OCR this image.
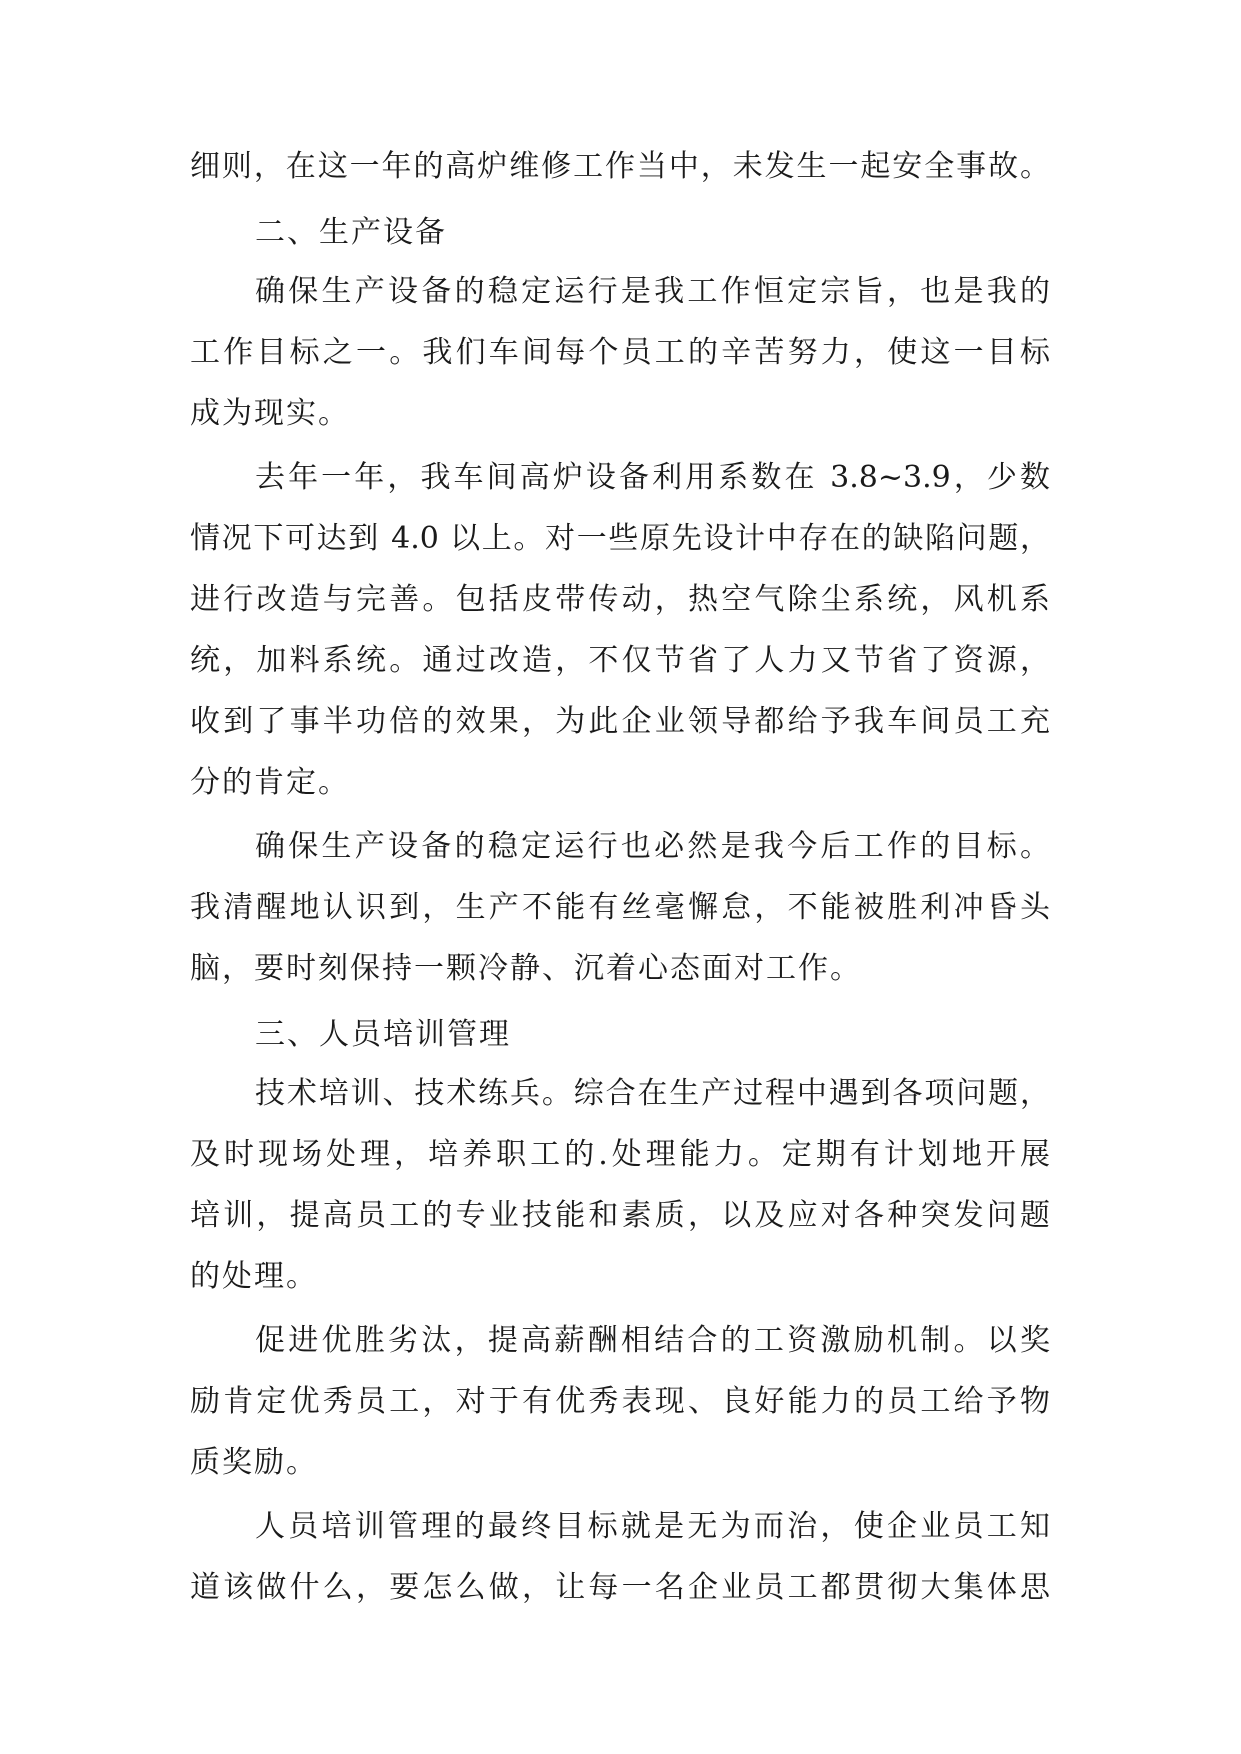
细则，在这一年的高炉维修工作当中，未发生一起安全事故。
二、生产设备
确保生产设备的稳定运行是我工作恒定宗旨，也是我的
工作目标之一。我们车间每个员工的辛苦努力，使这一目标
成为现实。
去年一年，我车间高炉设备利用系数在 3.8~3.9，少数
情况下可达到 4.0 以上。对一些原先设计中存在的缺陷问题，
进行改造与完善。包括皮带传动，热空气除尘系统，风机系
统，加料系统。通过改造，不仅节省了人力又节省了资源，
收到了事半功倍的效果，为此企业领导都给予我车间员工充
分的肯定。
确保生产设备的稳定运行也必然是我今后工作的目标。
我清醒地认识到，生产不能有丝毫懈怠，不能被胜利冲昏头
脑，要时刻保持一颗冷静、沉着心态面对工作。
三、人员培训管理
技术培训、技术练兵。综合在生产过程中遇到各项问题，
及时现场处理，培养职工的.处理能力。定期有计划地开展
培训，提高员工的专业技能和素质，以及应对各种突发问题
的处理。
促进优胜劣汰，提高薪酬相结合的工资激励机制。以奖
励肯定优秀员工，对于有优秀表现、良好能力的员工给予物
质奖励。
人员培训管理的最终目标就是无为而治，使企业员工知
道该做什么，要怎么做，让每一名企业员工都贯彻大集体思
